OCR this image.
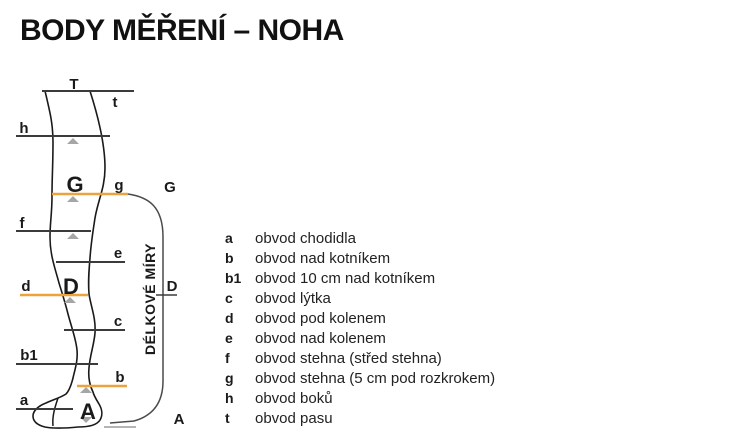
BODY MĚŘENÍ – NOHA
T
t
h
G g
f
e
d D
c
b1
b
a A
G
D
A
DÉLKOVÉ MÍRY
a	obvod chodidla
b	obvod nad kotníkem
b1 obvod 10 cm nad kotníkem
c	obvod lýtka
d	obvod pod kolenem
e	obvod nad kolenem
f	obvod stehna (střed stehna)
g	obvod stehna (5 cm pod rozkrokem)
h	obvod boků
t	obvod pasu
